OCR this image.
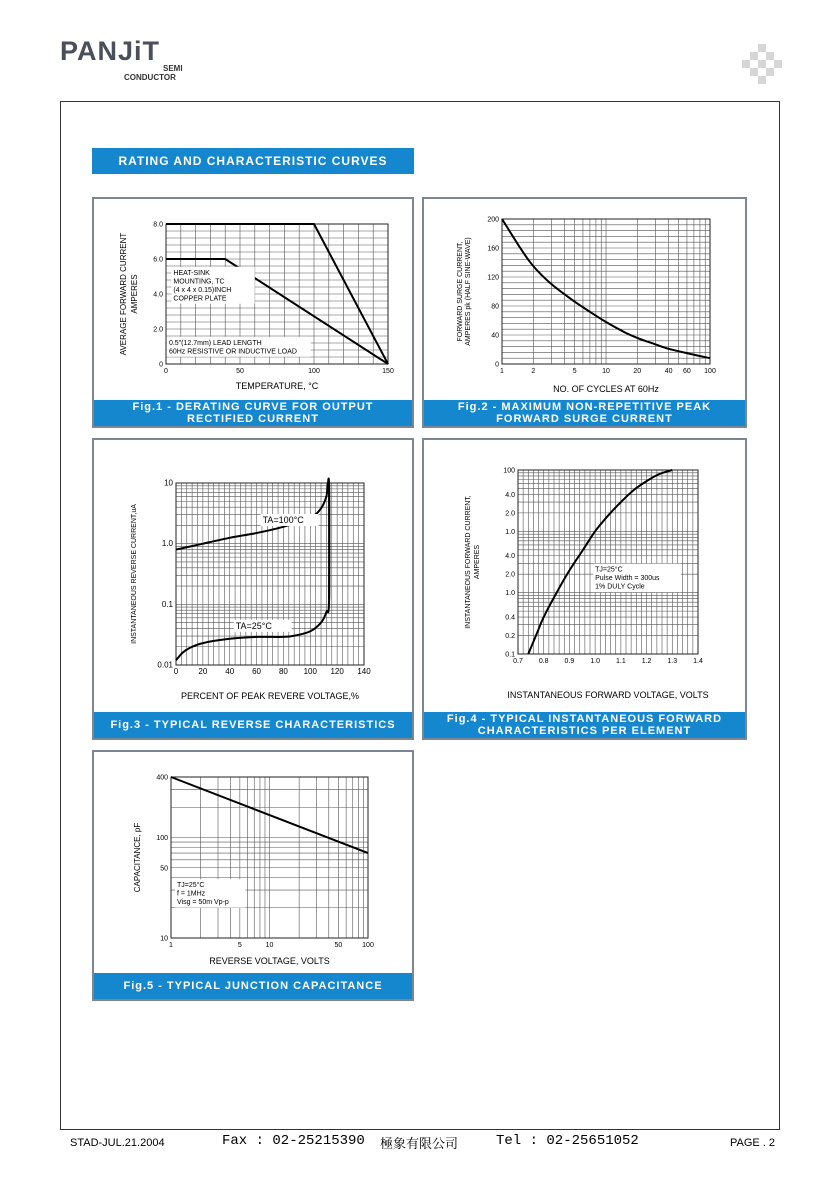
PANJiT
SEMI
CONDUCTOR
RATING AND CHARACTERISTIC CURVES
0	50	100	150
0
2.0
4.0
6.0
8.0
TEMPERATURE, °C
AVERAGE FORWARD CURRENT AMPERES
HEAT-SINK
MOUNTING, TC
(4 x 4 x 0.15)INCH
COPPER PLATE
0.5"(12.7mm) LEAD LENGTH
60Hz RESISTIVE OR INDUCTIVE LOAD
Fig.1 - DERATING CURVE FOR OUTPUT
RECTIFIED CURRENT
1	2	5	10	20	40 60 100
0
40
80
120
160
200
NO. OF CYCLES AT 60Hz
FORWARD SURGE CURRENT, AMPERES pk (HALF SINE-WAVE)
Fig.2 - MAXIMUM NON-REPETITIVE PEAK
FORWARD SURGE CURRENT
0	20 40 60 80 100 120 140
0.01
0.1
1.0
10
PERCENT OF PEAK REVERE VOLTAGE,%
INSTANTANEOUS REVERSE CURRENT,uA	TA=100°C
TA=25°C
Fig.3 - TYPICAL REVERSE CHARACTERISTICS
0.7 0.8 0.9 1.0 1.1 1.2 1.3 1.4
0.1
0.2
0.4
1.0
2.0
4.0
1.0
2.0
4.0
100
INSTANTANEOUS FORWARD VOLTAGE, VOLTS
INSTANTANEOUS FORWARD CURRENT, AMPERES	TJ=25°C
Pulse Width = 300us
1% DULY Cycle
Fig.4 - TYPICAL INSTANTANEOUS FORWARD
CHARACTERISTICS PER ELEMENT
1	5	10	50	100
10
50
100
400
REVERSE VOLTAGE, VOLTS
CAPACITANCE, pF	TJ=25°C
f = 1MHz
Visg = 50m Vp-p
Fig.5 - TYPICAL JUNCTION CAPACITANCE
STAD-JUL.21.2004	Fax : 02-25215390 極象有限公司	Tel : 02-25651052	PAGE . 2
